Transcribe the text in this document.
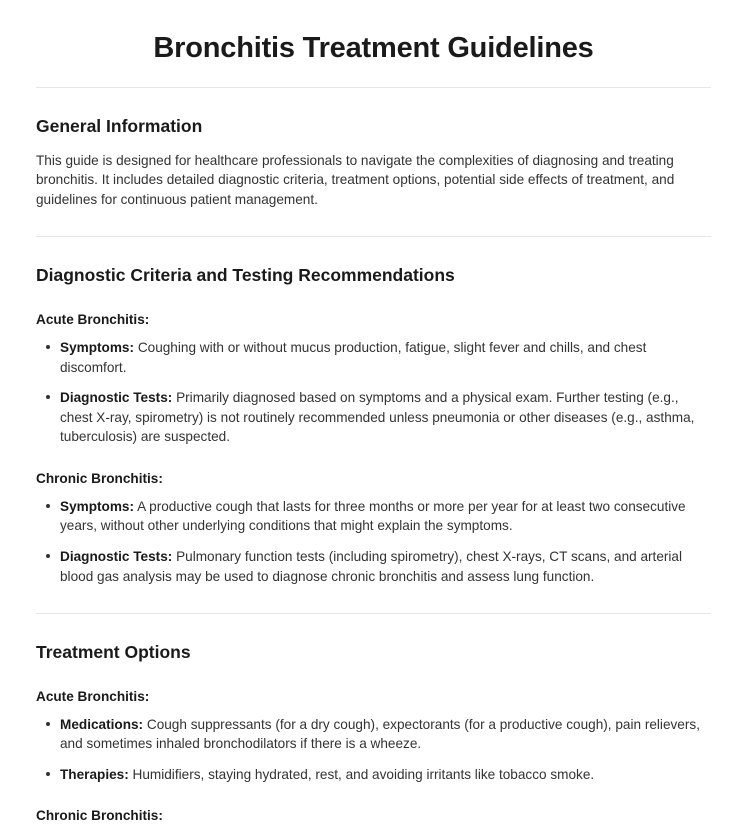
Bronchitis Treatment Guidelines
General Information

This guide is designed for healthcare professionals to navigate the complexities of diagnosing and treating bronchitis. It includes detailed diagnostic criteria, treatment options, potential side effects of treatment, and guidelines for continuous patient management.

Diagnostic Criteria and Testing Recommendations
Acute Bronchitis:
Symptoms: Coughing with or without mucus production, fatigue, slight fever and chills, and chest discomfort.
Diagnostic Tests: Primarily diagnosed based on symptoms and a physical exam. Further testing (e.g., chest X-ray, spirometry) is not routinely recommended unless pneumonia or other diseases (e.g., asthma, tuberculosis) are suspected.
Chronic Bronchitis:
Symptoms: A productive cough that lasts for three months or more per year for at least two consecutive years, without other underlying conditions that might explain the symptoms.
Diagnostic Tests: Pulmonary function tests (including spirometry), chest X-rays, CT scans, and arterial blood gas analysis may be used to diagnose chronic bronchitis and assess lung function.
Treatment Options
Acute Bronchitis:
Medications: Cough suppressants (for a dry cough), expectorants (for a productive cough), pain relievers, and sometimes inhaled bronchodilators if there is a wheeze.
Therapies: Humidifiers, staying hydrated, rest, and avoiding irritants like tobacco smoke.
Chronic Bronchitis:
